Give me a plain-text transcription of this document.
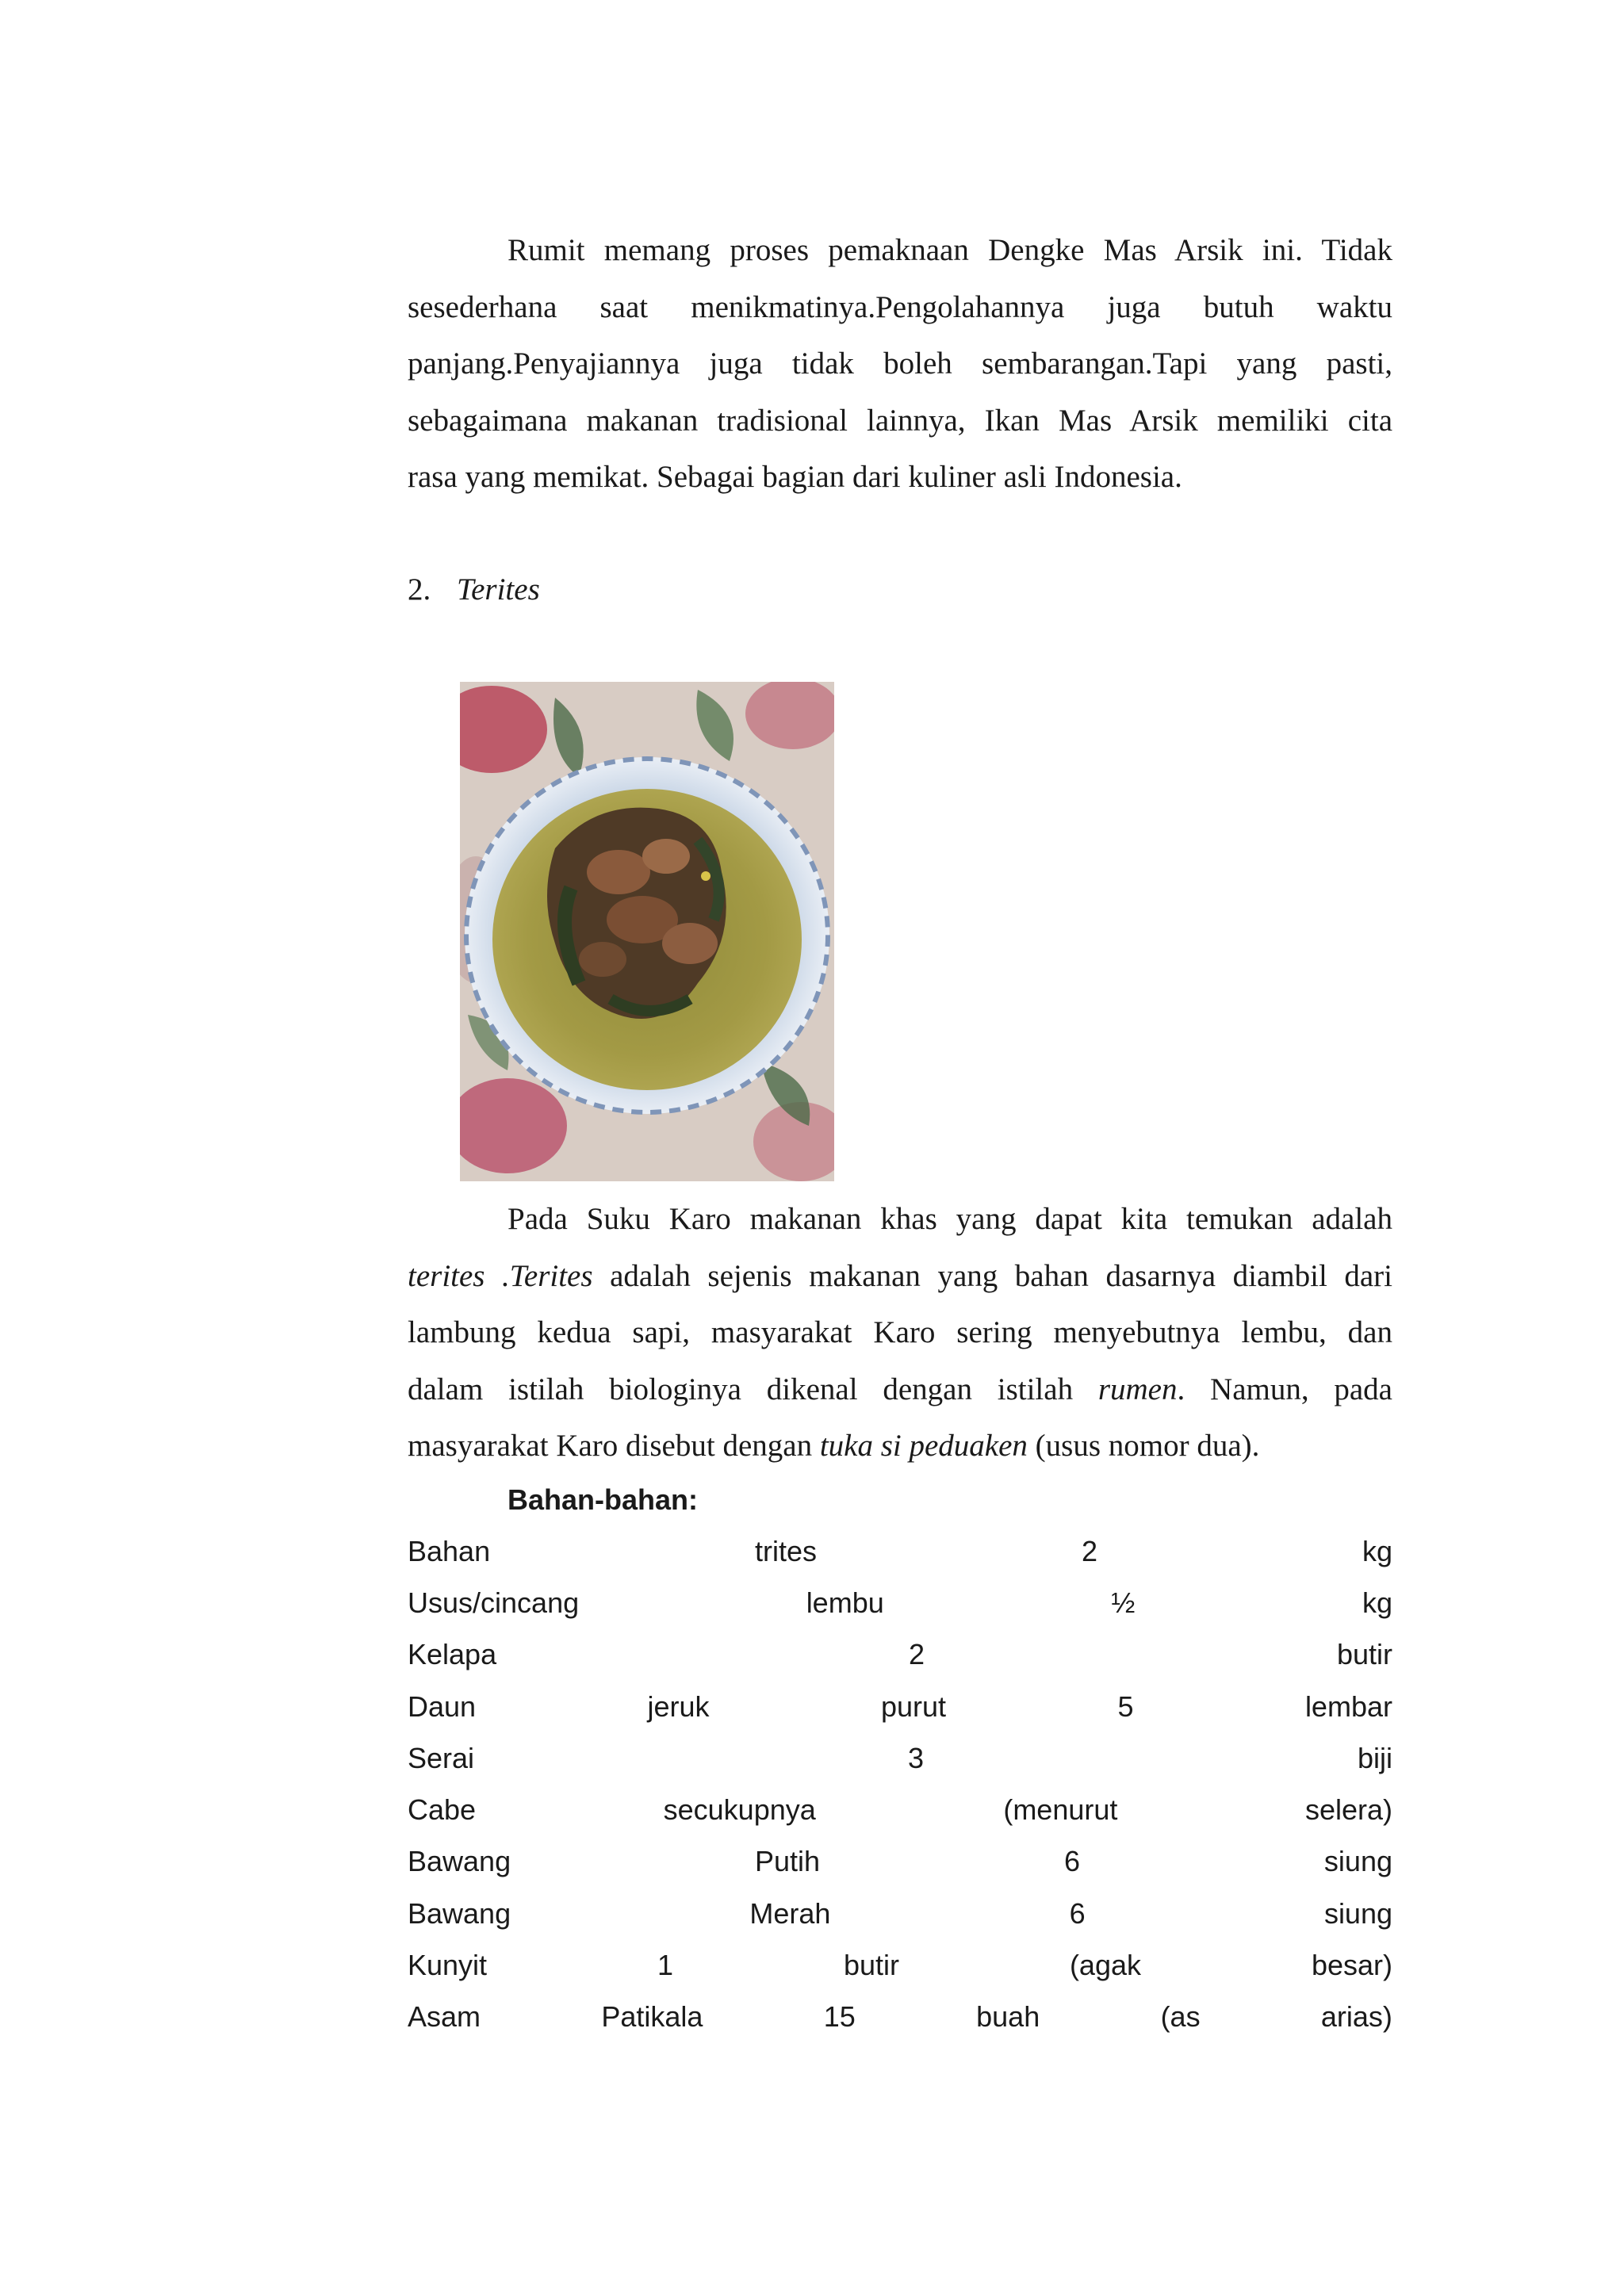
Rumit memang proses pemaknaan Dengke Mas Arsik ini. Tidak
sesederhana saat menikmatinya.Pengolahannya juga butuh waktu
panjang.Penyajiannya juga tidak boleh sembarangan.Tapi yang pasti,
sebagaimana makanan tradisional lainnya, Ikan Mas Arsik memiliki cita
rasa yang memikat. Sebagai bagian dari kuliner asli Indonesia.
2. Terites
Pada Suku Karo makanan khas yang dapat kita temukan adalah
terites .Terites adalah sejenis makanan yang bahan dasarnya diambil dari
lambung kedua sapi, masyarakat Karo sering menyebutnya lembu, dan
dalam istilah biologinya dikenal dengan istilah rumen. Namun, pada
masyarakat Karo disebut dengan tuka si peduaken (usus nomor dua).
Bahan-bahan:
Bahan	trites	2	kg
Usus/cincang	lembu	½	kg
Kelapa	2	butir
Daun	jeruk	purut	5	lembar
Serai	3	biji
Cabe	secukupnya	(menurut	selera)
Bawang	Putih	6	siung
Bawang	Merah	6	siung
Kunyit	1	butir	(agak	besar)
Asam	Patikala	15	buah	(as	arias)
